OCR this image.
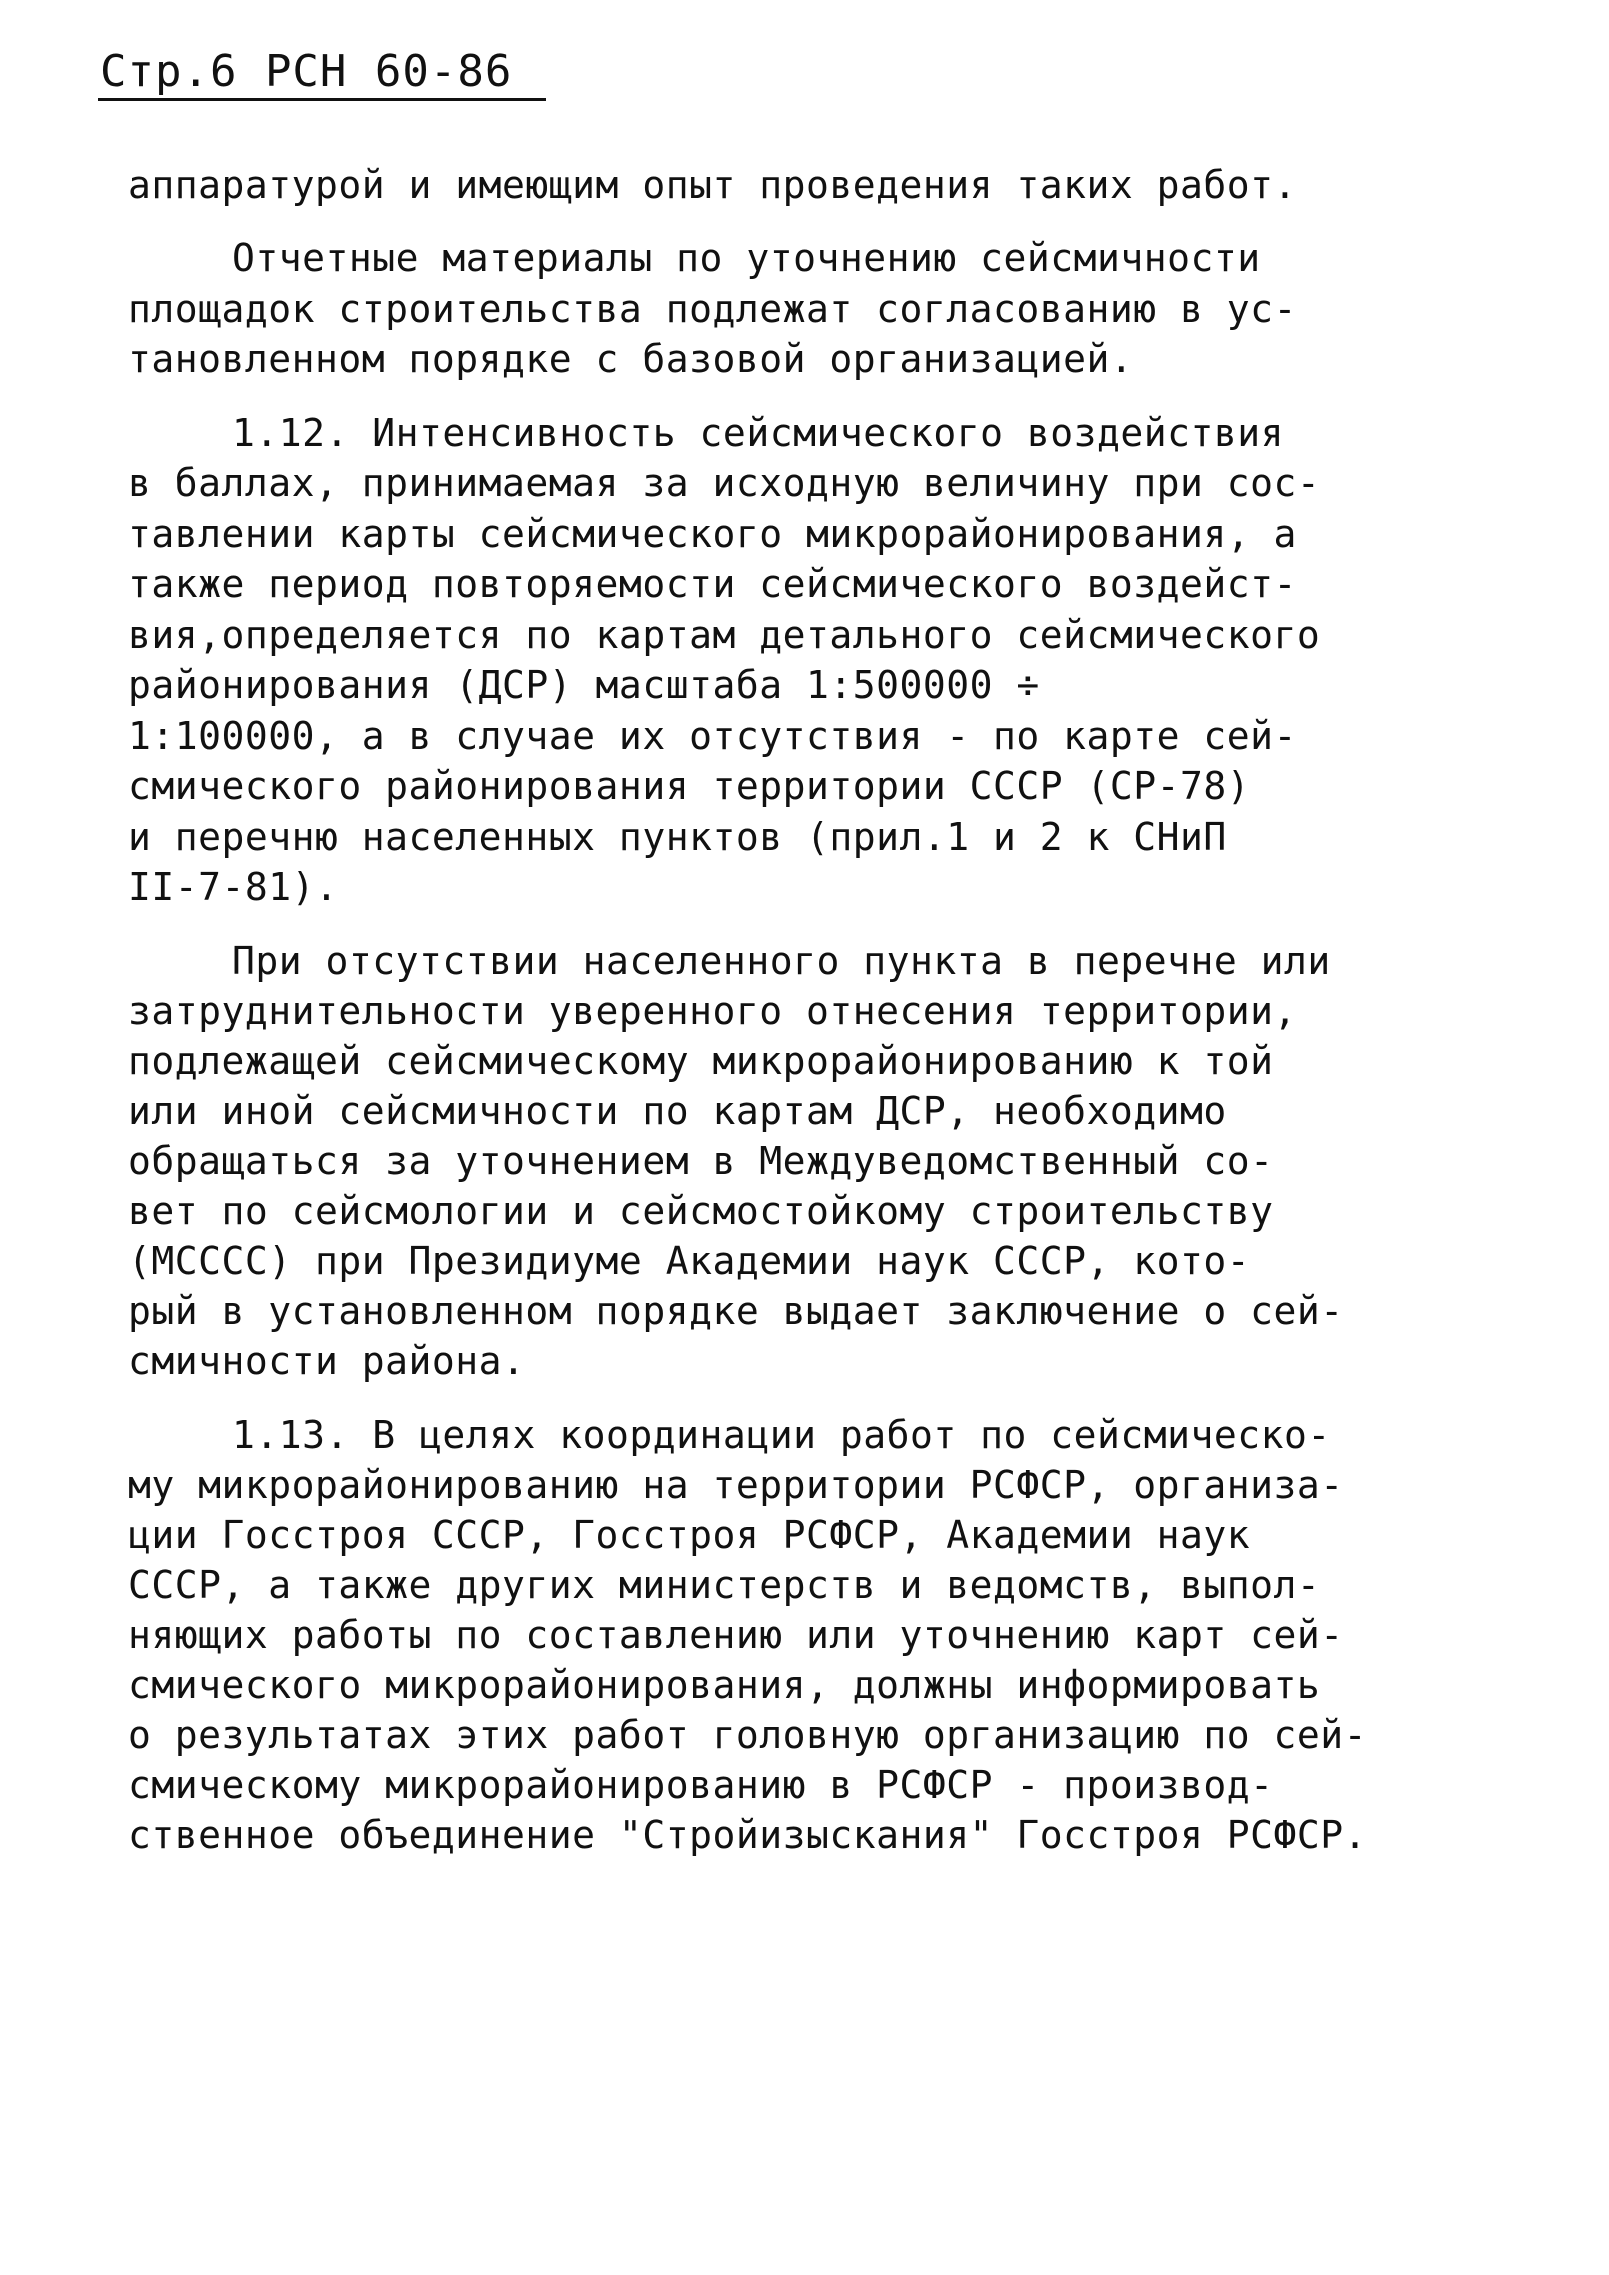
Стр.6 РСН 60-86
аппаратурой и имеющим опыт проведения таких работ.
Отчетные материалы по уточнению сейсмичности
площадок строительства подлежат согласованию в ус-
тановленном порядке с базовой организацией.
1.12. Интенсивность сейсмического воздействия
в баллах, принимаемая за исходную величину при сос-
тавлении карты сейсмического микрорайонирования, а
также период повторяемости сейсмического воздейст-
вия,определяется по картам детального сейсмического
районирования (ДСР) масштаба 1:500000 ÷
1:100000, а в случае их отсутствия - по карте сей-
смического районирования территории СССР (СР-78)
и перечню населенных пунктов (прил.1 и 2 к СНиП
II-7-81).
При отсутствии населенного пункта в перечне или
затруднительности уверенного отнесения территории,
подлежащей сейсмическому микрорайонированию к той
или иной сейсмичности по картам ДСР, необходимо
обращаться за уточнением в Междуведомственный со-
вет по сейсмологии и сейсмостойкому строительству
(МСССС) при Президиуме Академии наук СССР, кото-
рый в установленном порядке выдает заключение о сей-
смичности района.
1.13. В целях координации работ по сейсмическо-
му микрорайонированию на территории РСФСР, организа-
ции Госстроя СССР, Госстроя РСФСР, Академии наук
СССР, а также других министерств и ведомств, выпол-
няющих работы по составлению или уточнению карт сей-
смического микрорайонирования, должны информировать
о результатах этих работ головную организацию по сей-
смическому микрорайонированию в РСФСР - производ-
ственное объединение "Стройизыскания" Госстроя РСФСР.
